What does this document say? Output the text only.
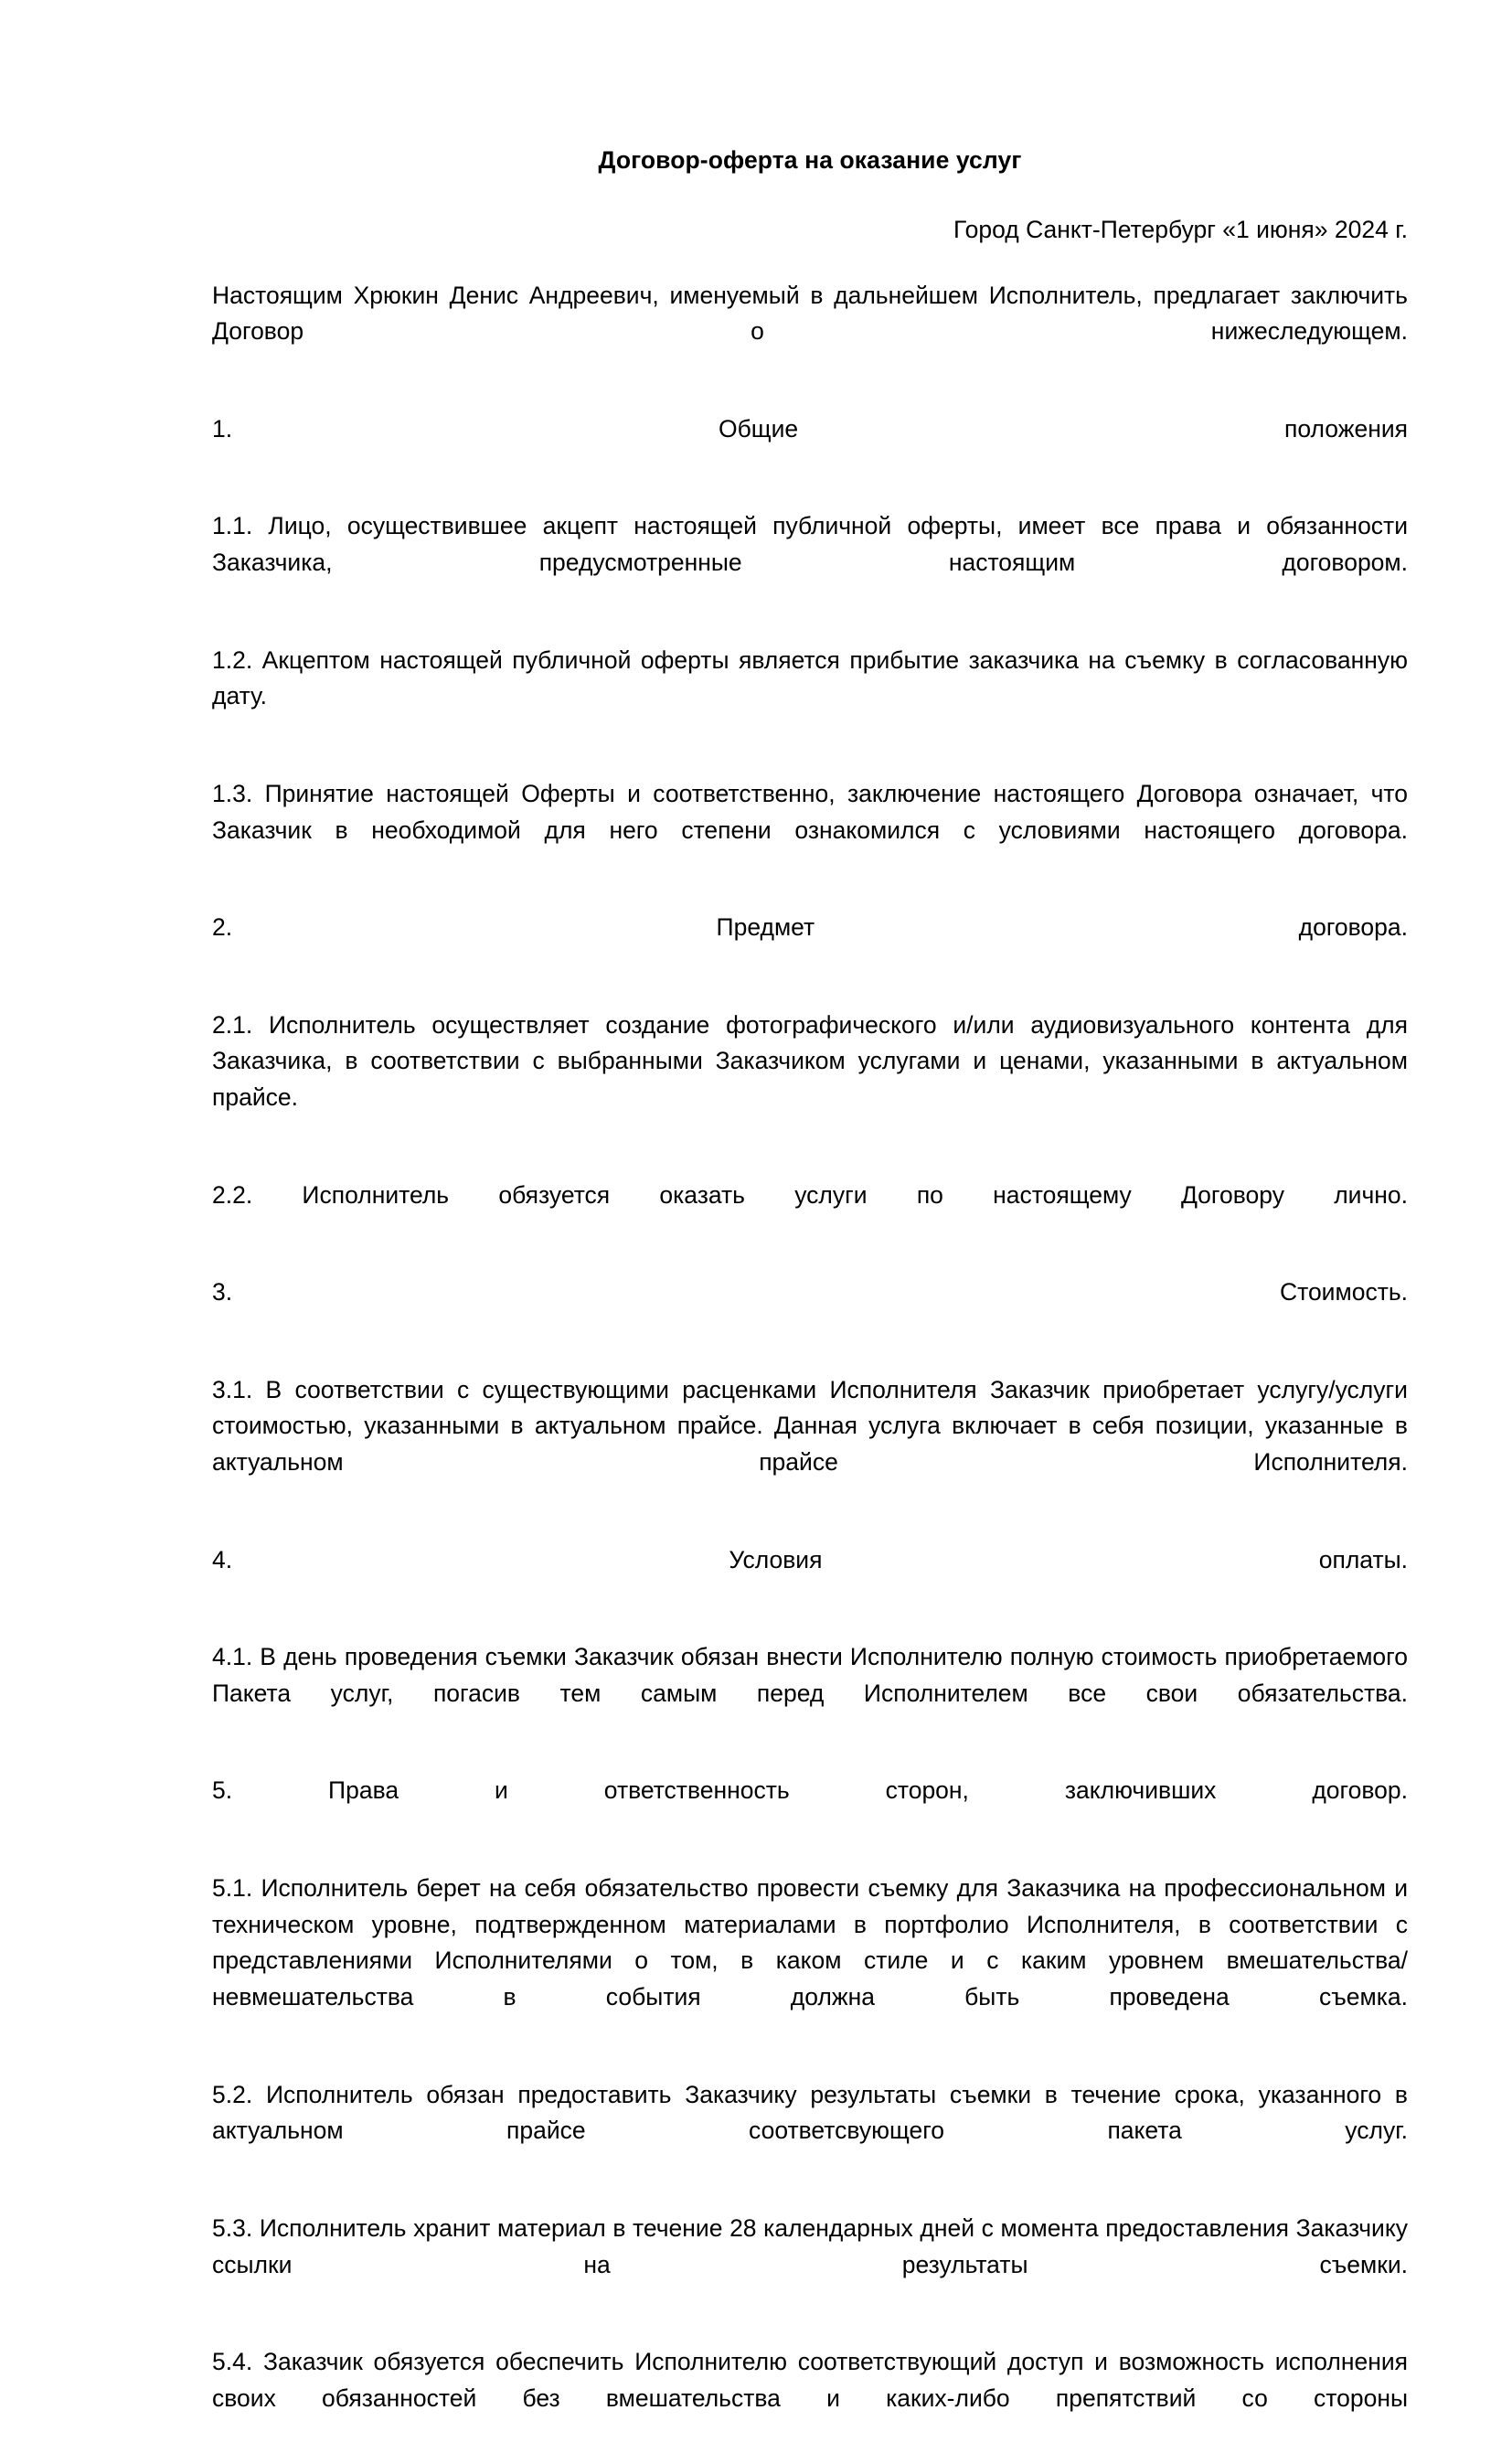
Договор-оферта на оказание услуг
Город Санкт-Петербург «1 июня» 2024 г.

Настоящим Хрюкин Денис Андреевич, именуемый в дальнейшем Исполнитель, предлагает заключить Договор о нижеследующем.

1. Общие положения

1.1. Лицо, осуществившее акцепт настоящей публичной оферты, имеет все права и обязанности Заказчика, предусмотренные настоящим договором.

1.2. Акцептом настоящей публичной оферты является прибытие заказчика на съемку в согласованную дату.

1.3. Принятие настоящей Оферты и соответственно, заключение настоящего Договора означает, что Заказчик в необходимой для него степени ознакомился с условиями настоящего договора.

2. Предмет договора.

2.1. Исполнитель осуществляет создание фотографического и/или аудиовизуального контента для Заказчика, в соответствии с выбранными Заказчиком услугами и ценами, указанными в актуальном прайсе.

2.2. Исполнитель обязуется оказать услуги по настоящему Договору лично.

3. Стоимость.

3.1. В соответствии с существующими расценками Исполнителя Заказчик приобретает услугу/услуги стоимостью, указанными в актуальном прайсе. Данная услуга включает в себя позиции, указанные в актуальном прайсе Исполнителя.

4. Условия оплаты.

4.1. В день проведения съемки Заказчик обязан внести Исполнителю полную стоимость приобретаемого Пакета услуг, погасив тем самым перед Исполнителем все свои обязательства.

5. Права и ответственность сторон, заключивших договор.

5.1. Исполнитель берет на себя обязательство провести съемку для Заказчика на профессиональном и техническом уровне, подтвержденном материалами в портфолио Исполнителя, в соответствии с представлениями Исполнителями о том, в каком стиле и с каким уровнем вмешательства/невмешательства в события должна быть проведена съемка.

5.2. Исполнитель обязан предоставить Заказчику результаты съемки в течение срока, указанного в актуальном прайсе соответсвующего пакета услуг.

5.3. Исполнитель хранит материал в течение 28 календарных дней с момента предоставления Заказчику ссылки на результаты съемки.

5.4. Заказчик обязуется обеспечить Исполнителю соответствующий доступ и возможность исполнения своих обязанностей без вмешательства и каких-либо препятствий со стороны
